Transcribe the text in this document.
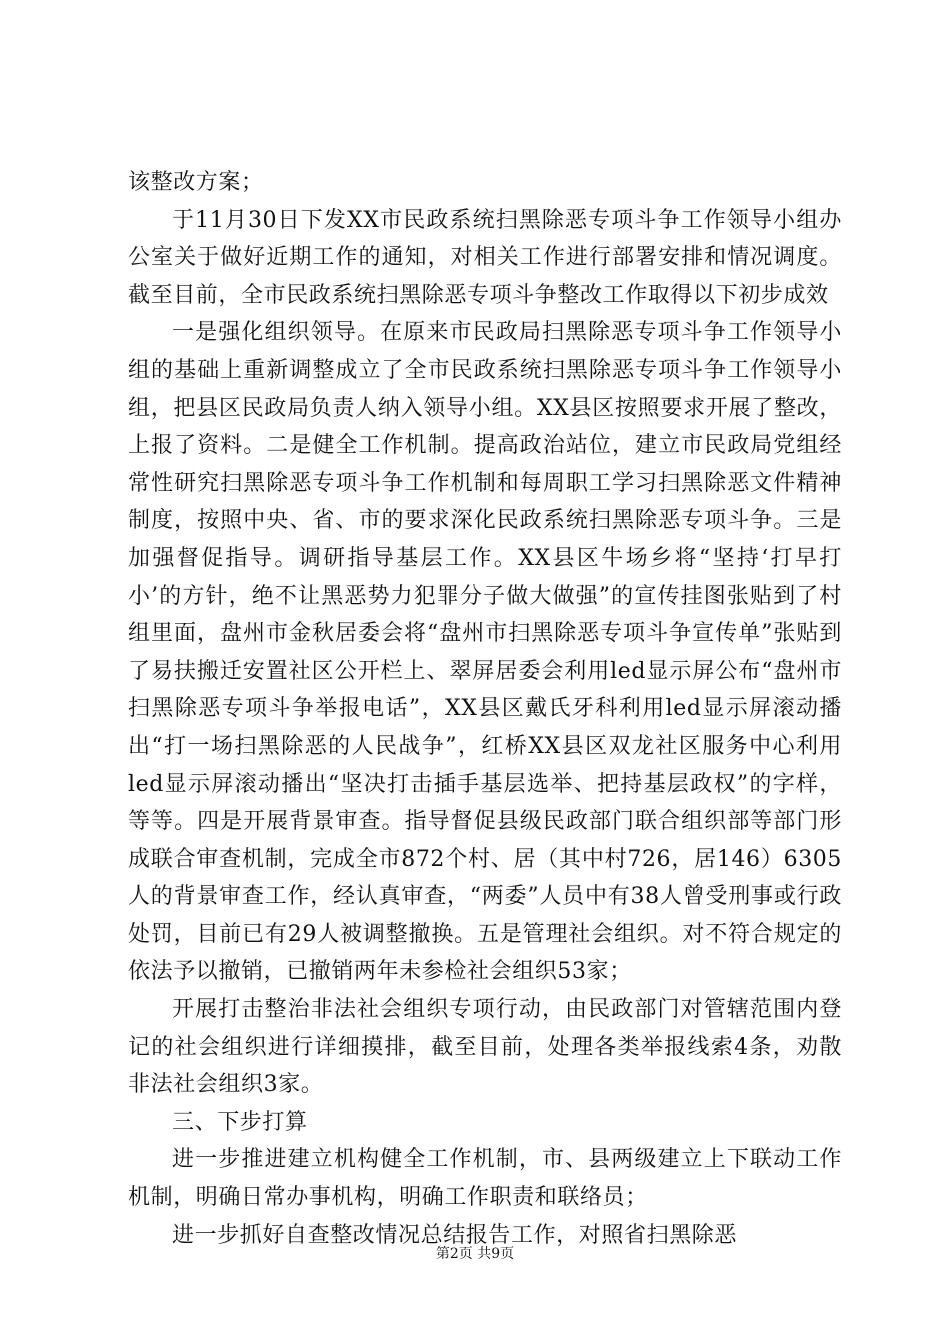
该整改方案；

于11月30日下发XX市民政系统扫黑除恶专项斗争工作领导小组办公室关于做好近期工作的通知，对相关工作进行部署安排和情况调度。截至目前，全市民政系统扫黑除恶专项斗争整改工作取得以下初步成效

一是强化组织领导。在原来市民政局扫黑除恶专项斗争工作领导小组的基础上重新调整成立了全市民政系统扫黑除恶专项斗争工作领导小组，把县区民政局负责人纳入领导小组。XX县区按照要求开展了整改，上报了资料。二是健全工作机制。提高政治站位，建立市民政局党组经常性研究扫黑除恶专项斗争工作机制和每周职工学习扫黑除恶文件精神制度，按照中央、省、市的要求深化民政系统扫黑除恶专项斗争。三是加强督促指导。调研指导基层工作。XX县区牛场乡将“坚持‘打早打小’的方针，绝不让黑恶势力犯罪分子做大做强”的宣传挂图张贴到了村组里面，盘州市金秋居委会将“盘州市扫黑除恶专项斗争宣传单”张贴到了易扶搬迁安置社区公开栏上、翠屏居委会利用led显示屏公布“盘州市扫黑除恶专项斗争举报电话”，XX县区戴氏牙科利用led显示屏滚动播出“打一场扫黑除恶的人民战争”，红桥XX县区双龙社区服务中心利用led显示屏滚动播出“坚决打击插手基层选举、把持基层政权”的字样，等等。四是开展背景审查。指导督促县级民政部门联合组织部等部门形成联合审查机制，完成全市872个村、居（其中村726，居146）6305人的背景审查工作，经认真审查，“两委”人员中有38人曾受刑事或行政处罚，目前已有29人被调整撤换。五是管理社会组织。对不符合规定的依法予以撤销，已撤销两年未参检社会组织53家；

开展打击整治非法社会组织专项行动，由民政部门对管辖范围内登记的社会组织进行详细摸排，截至目前，处理各类举报线索4条，劝散非法社会组织3家。

三、下步打算

进一步推进建立机构健全工作机制，市、县两级建立上下联动工作机制，明确日常办事机构，明确工作职责和联络员；

进一步抓好自查整改情况总结报告工作，对照省扫黑除恶

第2页 共9页
